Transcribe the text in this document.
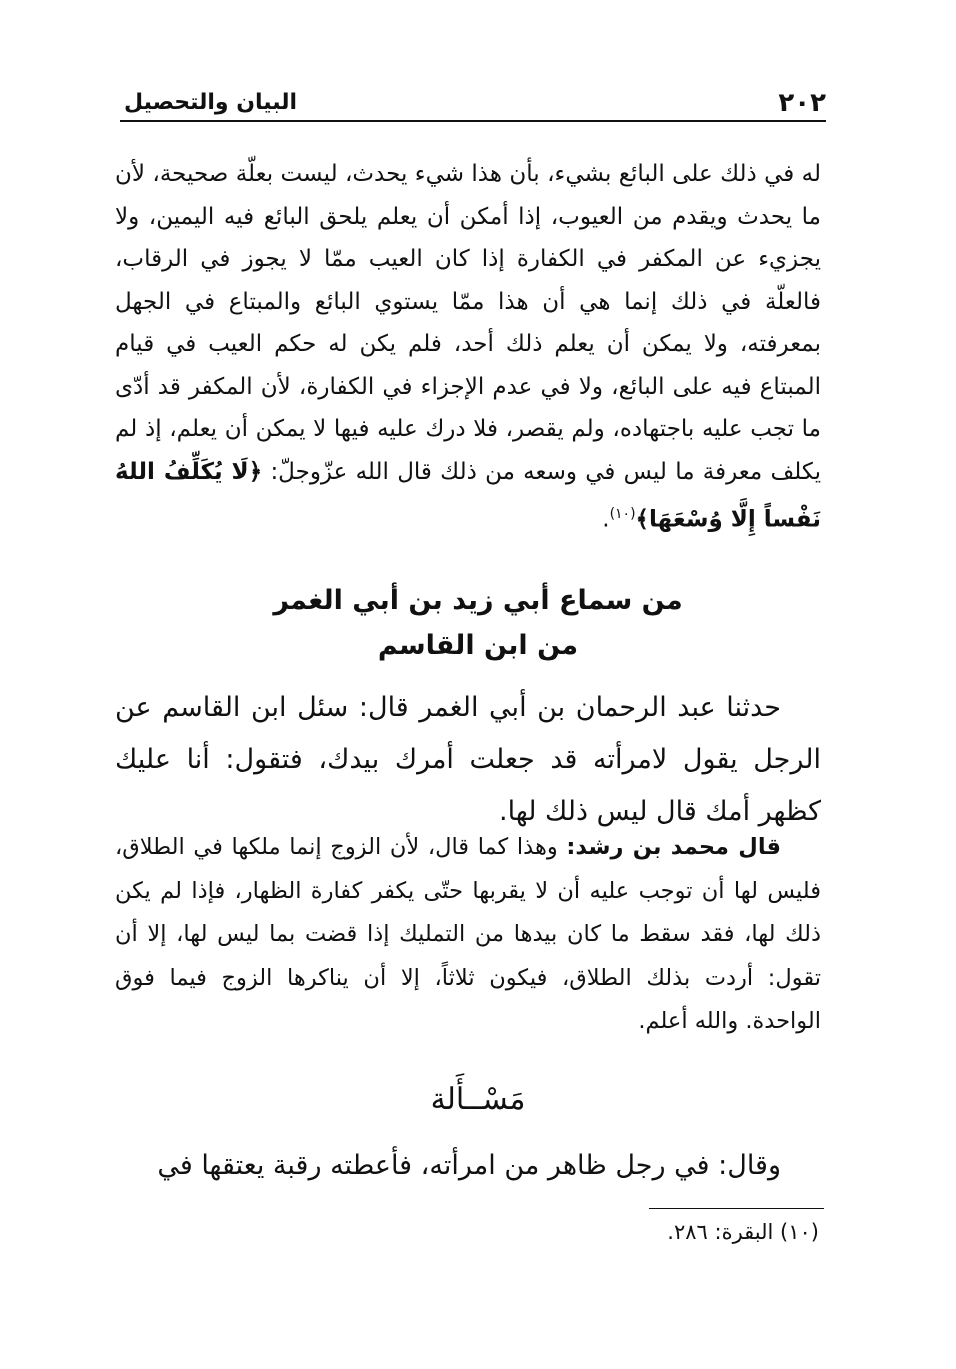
٢٠٢
البيان والتحصيل
له في ذلك على البائع بشيء، بأن هذا شيء يحدث، ليست بعلّة صحيحة، لأن ما يحدث ويقدم من العيوب، إذا أمكن أن يعلم يلحق البائع فيه اليمين، ولا يجزيء عن المكفر في الكفارة إذا كان العيب ممّا لا يجوز في الرقاب، فالعلّة في ذلك إنما هي أن هذا ممّا يستوي البائع والمبتاع في الجهل بمعرفته، ولا يمكن أن يعلم ذلك أحد، فلم يكن له حكم العيب في قيام المبتاع فيه على البائع، ولا في عدم الإجزاء في الكفارة، لأن المكفر قد أدّى ما تجب عليه باجتهاده، ولم يقصر، فلا درك عليه فيها لا يمكن أن يعلم، إذ لم يكلف معرفة ما ليس في وسعه من ذلك قال الله عزّوجلّ: ﴿لَا يُكَلِّفُ اللهُ نَفْساً إِلَّا وُسْعَهَا﴾$^{(١٠)}$.
من سماع أبي زيد بن أبي الغمر
من ابن القاسم
حدثنا عبد الرحمان بن أبي الغمر قال: سئل ابن القاسم عن الرجل يقول لامرأته قد جعلت أمرك بيدك، فتقول: أنا عليك كظهر أمك قال ليس ذلك لها.
قال محمد بن رشد: وهذا كما قال، لأن الزوج إنما ملكها في الطلاق، فليس لها أن توجب عليه أن لا يقربها حتّى يكفر كفارة الظهار، فإذا لم يكن ذلك لها، فقد سقط ما كان بيدها من التمليك إذا قضت بما ليس لها، إلا أن تقول: أردت بذلك الطلاق، فيكون ثلاثاً، إلا أن يناكرها الزوج فيما فوق الواحدة. والله أعلم.
مَسْــأَلة
وقال: في رجل ظاهر من امرأته، فأعطته رقبة يعتقها في
(١٠) البقرة: ٢٨٦.
